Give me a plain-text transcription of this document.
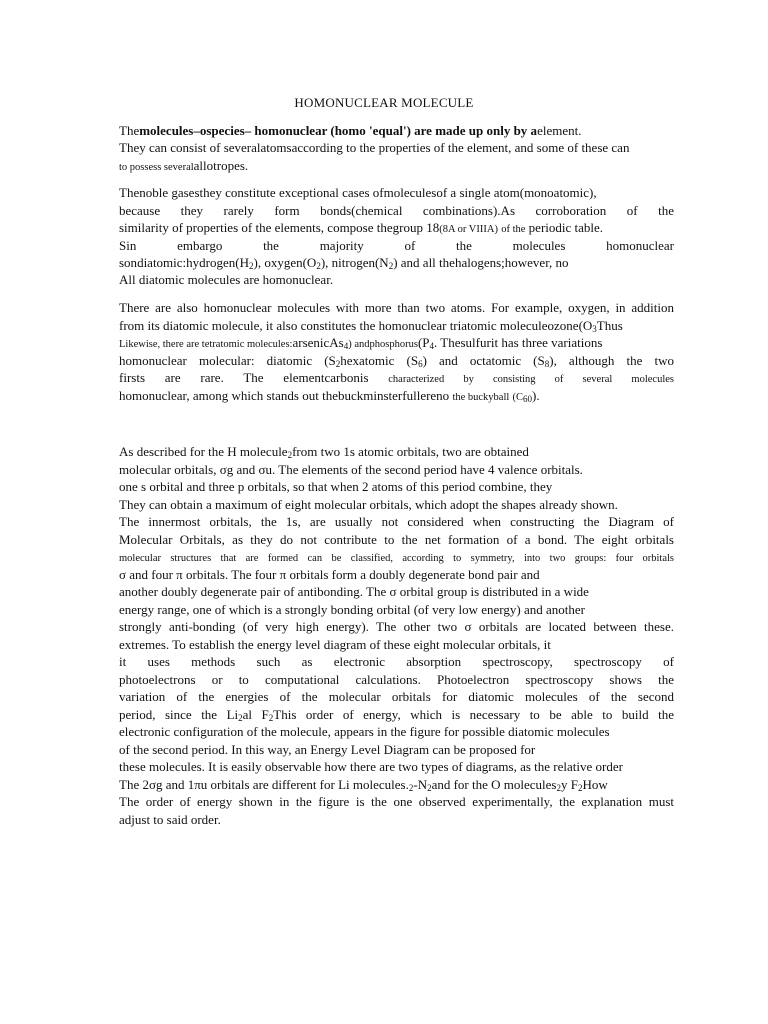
HOMONUCLEAR MOLECULE
Themolecules–ospecies– homonuclear (homo 'equal') are made up only by aelement.
They can consist of severalatomsaccording to the properties of the element, and some of these can
to possess severalallotropes.
Thenoble gasesthey constitute exceptional cases ofmoleculesof a single atom(monoatomic),
because they rarely form bonds(chemical combinations).As corroboration of the
similarity of properties of the elements, compose thegroup 18(8A or VIIIA) of the periodic table.
Sin embargo the majority of the molecules homonuclear
$sondiatomic:hydrogen(H_2)$, $oxygen(O_2)$, $nitrogen(N_2)$ and all thehalogens;however, no
All diatomic molecules are homonuclear.
There are also homonuclear molecules with more than two atoms. For example, oxygen, in addition
from its diatomic molecule, it also constitutes the homonuclear triatomic $moleculeozone(O_3Thus$
Likewise, there are tetratomic molecules:arsenicAs$_4$) $andphosphorus(P_4$. Thesulfurit has three variations
homonuclear molecular: diatomic ($S_2hexatomic$ $(S_6)$ and octatomic $(S_8)$, although the two
firsts are rare. The elementcarbonis characterized by consisting of several molecules
homonuclear, among which stands out thebuckminsterfullereno the buckyball $(C_{60})$.
As described for the H molecule$_2$from two 1s atomic orbitals, two are obtained
molecular orbitals, σg and σu. The elements of the second period have 4 valence orbitals.
one s orbital and three p orbitals, so that when 2 atoms of this period combine, they
They can obtain a maximum of eight molecular orbitals, which adopt the shapes already shown.
The innermost orbitals, the 1s, are usually not considered when constructing the Diagram of
Molecular Orbitals, as they do not contribute to the net formation of a bond. The eight orbitals
molecular structures that are formed can be classified, according to symmetry, into two groups: four orbitals
σ and four π orbitals. The four π orbitals form a doubly degenerate bond pair and
another doubly degenerate pair of antibonding. The σ orbital group is distributed in a wide
energy range, one of which is a strongly bonding orbital (of very low energy) and another
strongly anti-bonding (of very high energy). The other two σ orbitals are located between these.
extremes. To establish the energy level diagram of these eight molecular orbitals, it
it uses methods such as electronic absorption spectroscopy, spectroscopy of
photoelectrons or to computational calculations. Photoelectron spectroscopy shows the
variation of the energies of the molecular orbitals for diatomic molecules of the second
period, since the $Li_2al$ $F_2This$ order of energy, which is necessary to be able to build the
electronic configuration of the molecule, appears in the figure for possible diatomic molecules
of the second period. In this way, an Energy Level Diagram can be proposed for
these molecules. It is easily observable how there are two types of diagrams, as the relative order
The 2σg and 1πu orbitals are different for Li $molecules._2-N_2and$ for the O molecules$_2$y $F_2How$
The order of energy shown in the figure is the one observed experimentally, the explanation must
adjust to said order.
